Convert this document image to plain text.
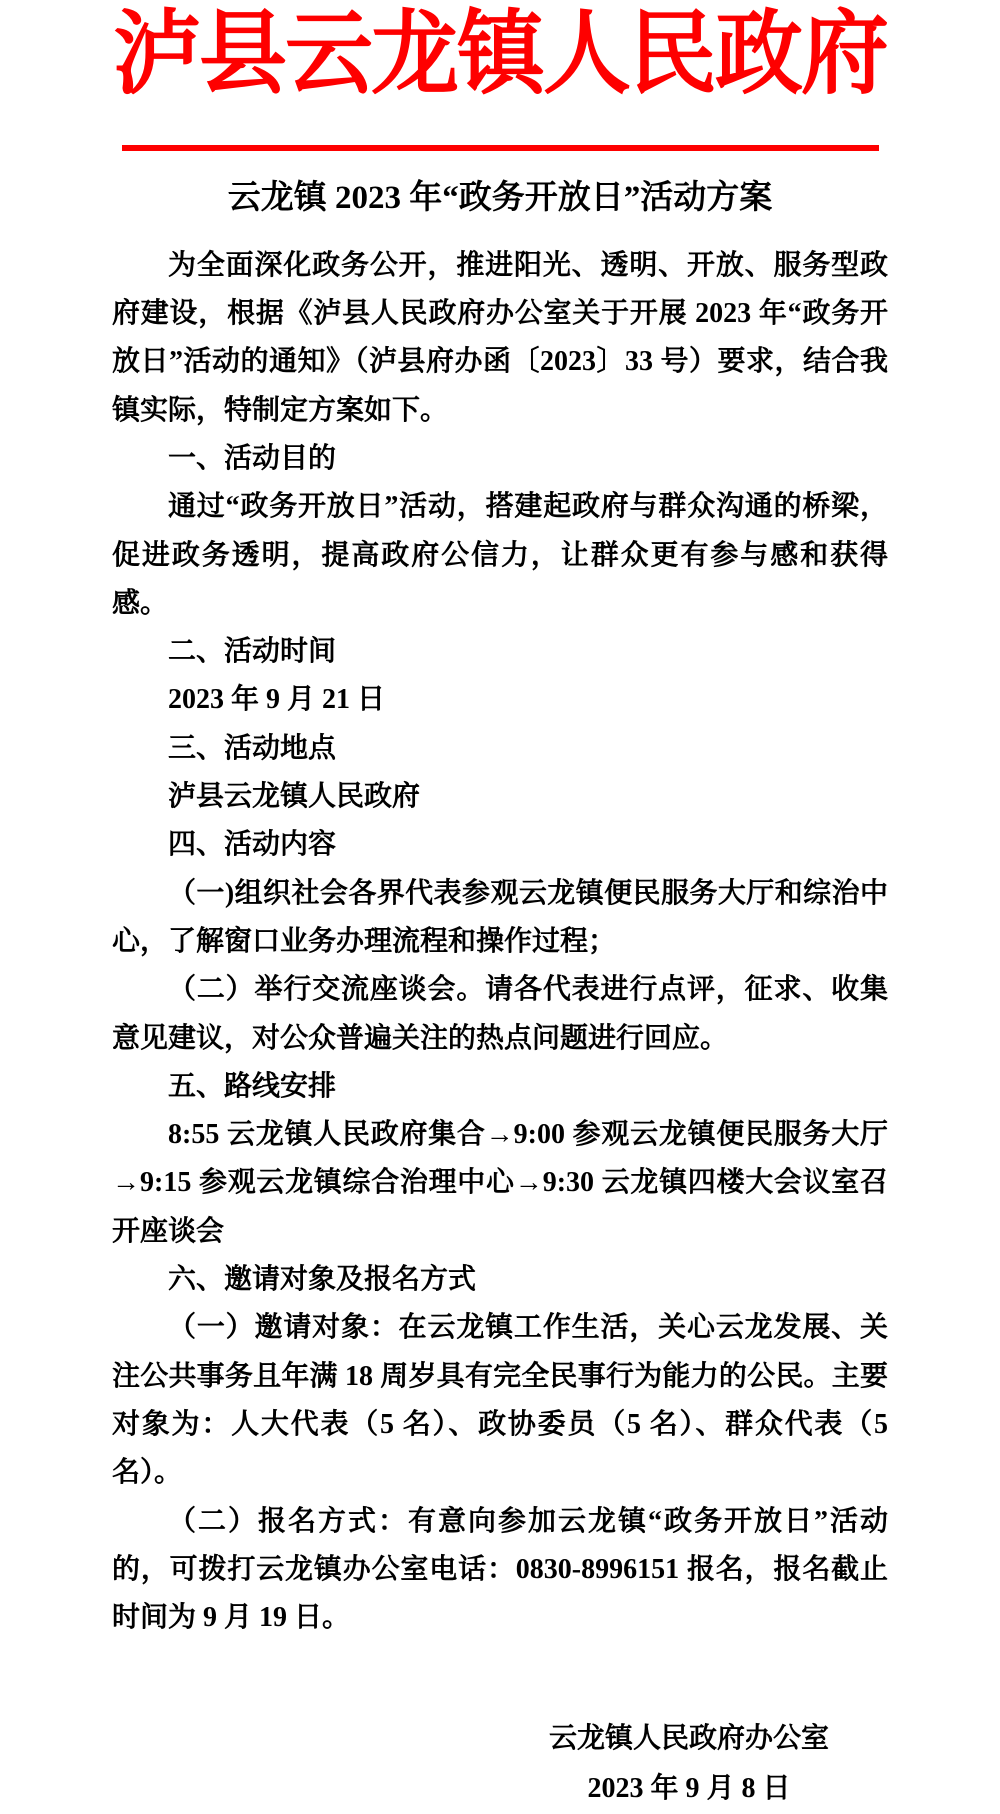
泸县云龙镇人民政府
云龙镇 2023 年“政务开放日”活动方案

为全面深化政务公开，推进阳光、透明、开放、服务型政府建设，根据《泸县人民政府办公室关于开展 2023 年“政务开放日”活动的通知》（泸县府办函〔2023〕33 号）要求，结合我镇实际，特制定方案如下。

一、活动目的

通过“政务开放日”活动，搭建起政府与群众沟通的桥梁，促进政务透明，提高政府公信力，让群众更有参与感和获得感。

二、活动时间

2023 年 9 月 21 日

三、活动地点

泸县云龙镇人民政府

四、活动内容

（一)组织社会各界代表参观云龙镇便民服务大厅和综治中心，了解窗口业务办理流程和操作过程；

（二）举行交流座谈会。请各代表进行点评，征求、收集意见建议，对公众普遍关注的热点问题进行回应。

五、路线安排

8:55 云龙镇人民政府集合→9:00 参观云龙镇便民服务大厅→9:15 参观云龙镇综合治理中心→9:30 云龙镇四楼大会议室召开座谈会

六、邀请对象及报名方式

（一）邀请对象：在云龙镇工作生活，关心云龙发展、关注公共事务且年满 18 周岁具有完全民事行为能力的公民。主要对象为：人大代表（5 名）、政协委员（5 名）、群众代表（5 名）。

（二）报名方式：有意向参加云龙镇“政务开放日”活动的，可拨打云龙镇办公室电话：0830-8996151 报名，报名截止时间为 9 月 19 日。

云龙镇人民政府办公室
2023 年 9 月 8 日
